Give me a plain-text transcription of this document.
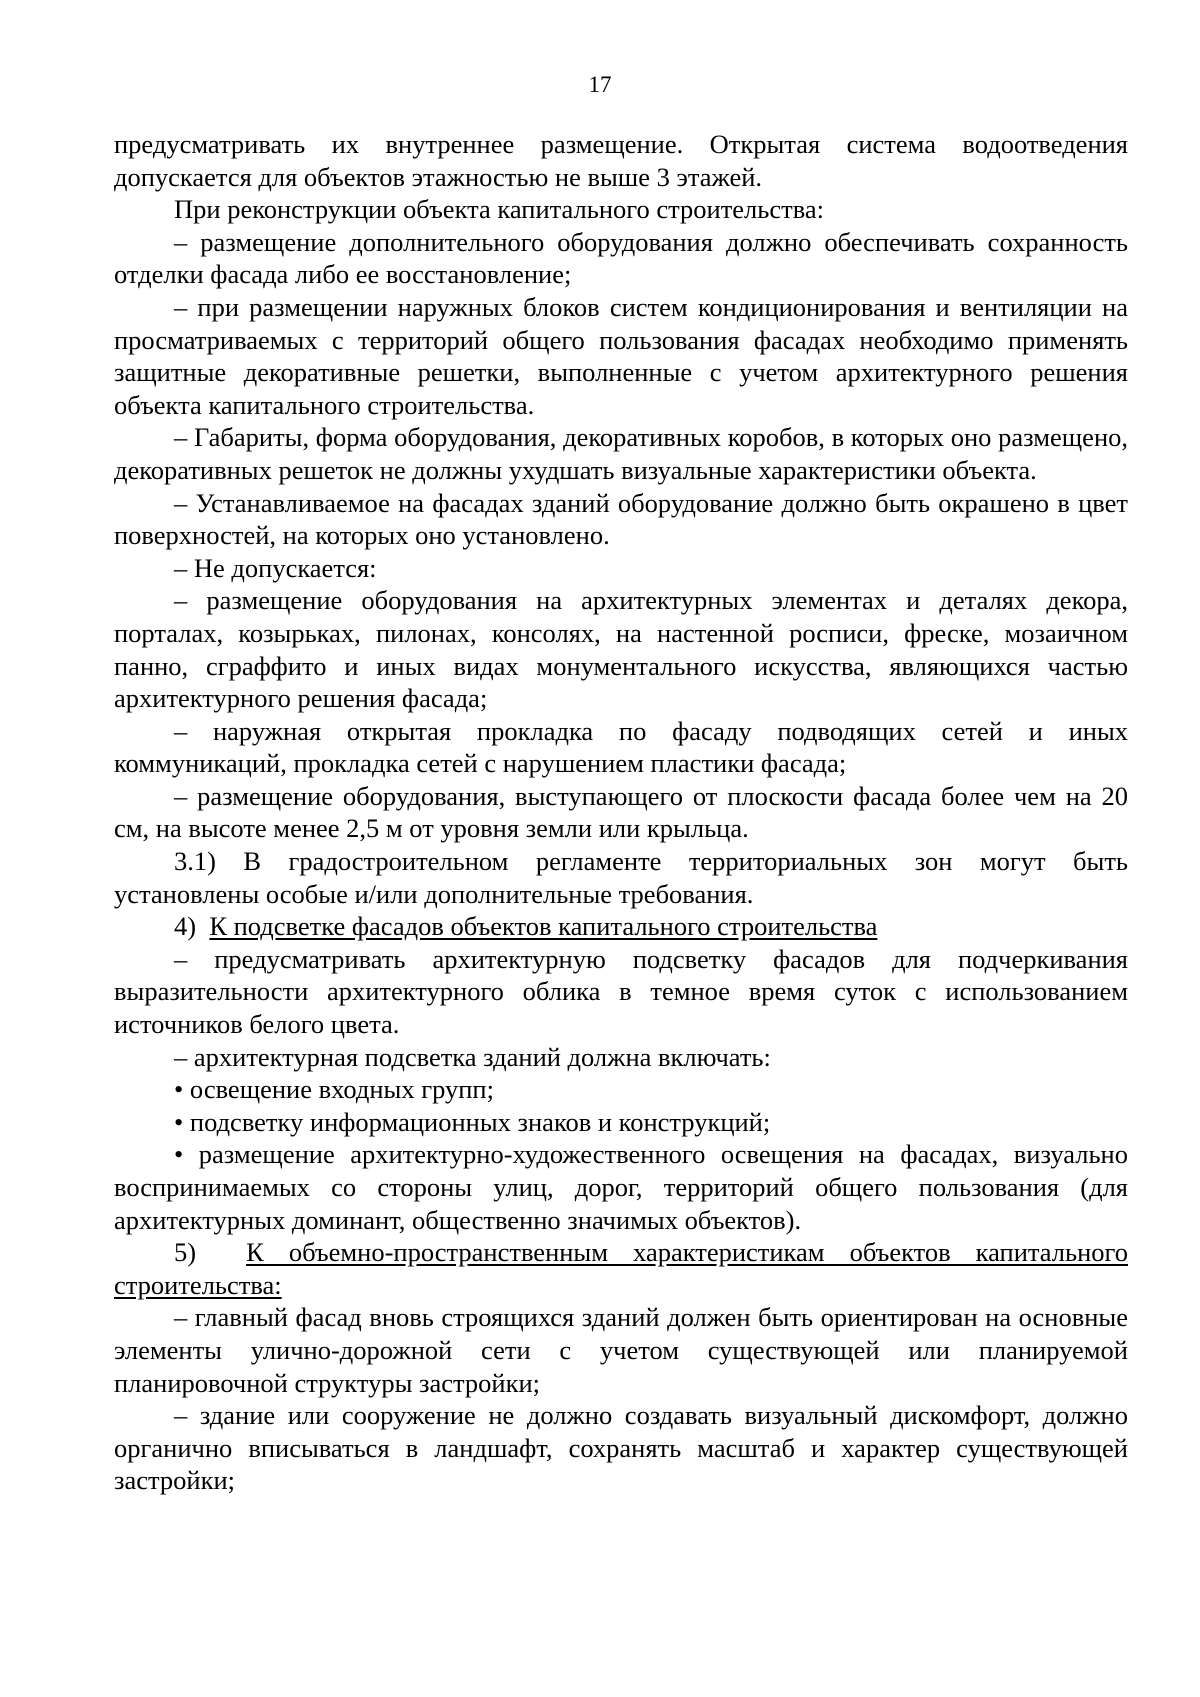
17

предусматривать их внутреннее размещение. Открытая система водоотведения допускается для объектов этажностью не выше 3 этажей.

При реконструкции объекта капитального строительства:

– размещение дополнительного оборудования должно обеспечивать сохранность отделки фасада либо ее восстановление;

– при размещении наружных блоков систем кондиционирования и вентиляции на просматриваемых с территорий общего пользования фасадах необходимо применять защитные декоративные решетки, выполненные с учетом архитектурного решения объекта капитального строительства.

– Габариты, форма оборудования, декоративных коробов, в которых оно размещено, декоративных решеток не должны ухудшать визуальные характеристики объекта.

– Устанавливаемое на фасадах зданий оборудование должно быть окрашено в цвет поверхностей, на которых оно установлено.

– Не допускается:

– размещение оборудования на архитектурных элементах и деталях декора, порталах, козырьках, пилонах, консолях, на настенной росписи, фреске, мозаичном панно, сграффито и иных видах монументального искусства, являющихся частью архитектурного решения фасада;

– наружная открытая прокладка по фасаду подводящих сетей и иных коммуникаций, прокладка сетей с нарушением пластики фасада;

– размещение оборудования, выступающего от плоскости фасада более чем на 20 см, на высоте менее 2,5 м от уровня земли или крыльца.

3.1) В градостроительном регламенте территориальных зон могут быть установлены особые и/или дополнительные требования.

4) К подсветке фасадов объектов капитального строительства

– предусматривать архитектурную подсветку фасадов для подчеркивания выразительности архитектурного облика в темное время суток с использованием источников белого цвета.

– архитектурная подсветка зданий должна включать:

• освещение входных групп;

• подсветку информационных знаков и конструкций;

• размещение архитектурно-художественного освещения на фасадах, визуально воспринимаемых со стороны улиц, дорог, территорий общего пользования (для архитектурных доминант, общественно значимых объектов).

5) К объемно-пространственным характеристикам объектов капитального строительства:

– главный фасад вновь строящихся зданий должен быть ориентирован на основные элементы улично-дорожной сети с учетом существующей или планируемой планировочной структуры застройки;

– здание или сооружение не должно создавать визуальный дискомфорт, должно органично вписываться в ландшафт, сохранять масштаб и характер существующей застройки;
